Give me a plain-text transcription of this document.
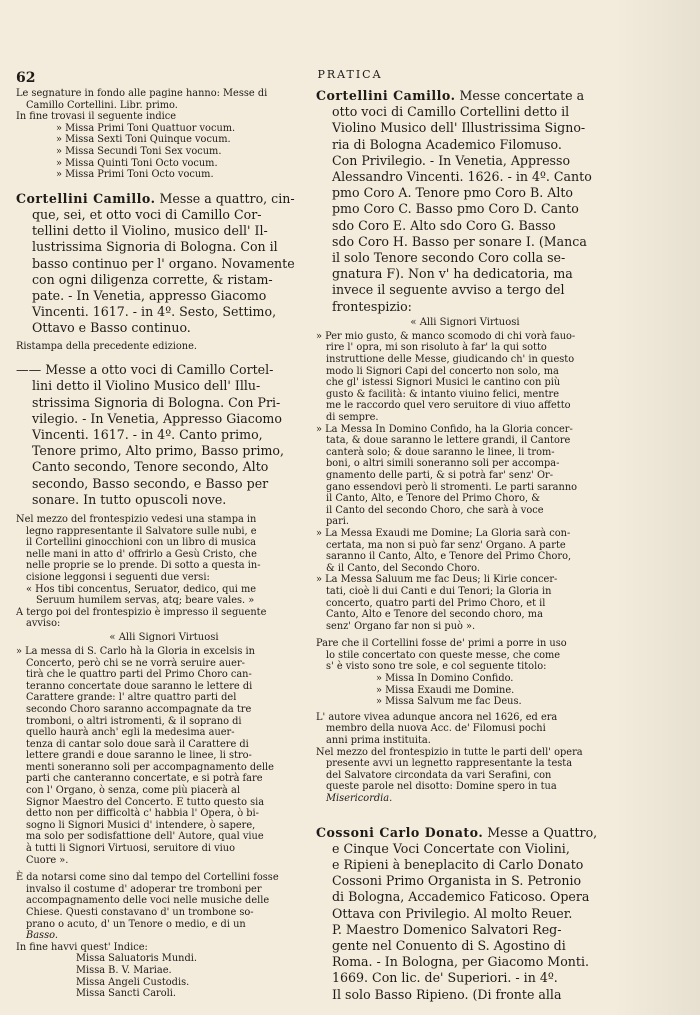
62	PRATICA

Le segnature in fondo alle pagine hanno: Messe di

Camillo Cortellini. Libr. primo.

In fine trovasi il seguente indice

» Missa Primi Toni Quattuor vocum.

» Missa Sexti Toni Quinque vocum.

» Missa Secundi Toni Sex vocum.

» Missa Quinti Toni Octo vocum.

» Missa Primi Toni Octo vocum.

Cortellini Camillo. Messe a quattro, cin-

que, sei, et otto voci di Camillo Cor-

tellini detto il Violino, musico dell' Il-

lustrissima Signoria di Bologna. Con il

basso continuo per l' organo. Novamente

con ogni diligenza corrette, & ristam-

pate. - In Venetia, appresso Giacomo

Vincenti. 1617. - in 4º. Sesto, Settimo,

Ottavo e Basso continuo.

Ristampa della precedente edizione.

—— Messe a otto voci di Camillo Cortel-

lini detto il Violino Musico dell' Illu-

strissima Signoria di Bologna. Con Pri-

vilegio. - In Venetia, Appresso Giacomo

Vincenti. 1617. - in 4º. Canto primo,

Tenore primo, Alto primo, Basso primo,

Canto secondo, Tenore secondo, Alto

secondo, Basso secondo, e Basso per

sonare. In tutto opuscoli nove.

Nel mezzo del frontespizio vedesi una stampa in

legno rappresentante il Salvatore sulle nubi, e

il Cortellini ginocchioni con un libro di musica

nelle mani in atto d' offrirlo a Gesù Cristo, che

nelle proprie se lo prende. Di sotto a questa in-

cisione leggonsi i seguenti due versi:

« Hos tibi concentus, Seruator, dedico, qui me

Seruum humilem servas, atq; beare vales. »

A tergo poi del frontespizio è impresso il seguente

avviso:

« Alli Signori Virtuosi

» La messa di S. Carlo hà la Gloria in excelsis in

Concerto, però chi se ne vorrà seruire auer-

tirà che le quattro parti del Primo Choro can-

teranno concertate doue saranno le lettere di

Carattere grande: l' altre quattro parti del

secondo Choro saranno accompagnate da tre

tromboni, o altri istromenti, & il soprano di

quello haurà anch' egli la medesima auer-

tenza di cantar solo doue sarà il Carattere di

lettere grandi e doue saranno le linee, li stro-

menti soneranno soli per accompagnamento delle

parti che canteranno concertate, e si potrà fare

con l' Organo, ò senza, come più piacerà al

Signor Maestro del Concerto. E tutto questo sia

detto non per difficoltà c' habbia l' Opera, ò bi-

sogno li Signori Musici d' intendere, ò sapere,

ma solo per sodisfattione dell' Autore, qual viue

à tutti li Signori Virtuosi, seruitore di viuo

Cuore ».

È da notarsi come sino dal tempo del Cortellini fosse

invalso il costume d' adoperar tre tromboni per

accompagnamento delle voci nelle musiche delle

Chiese. Questi constavano d' un trombone so-

prano o acuto, d' un Tenore o medio, e di un

Basso.

In fine havvi quest' Indice:

Missa Saluatoris Mundi.

Missa B. V. Mariae.

Missa Angeli Custodis.

Missa Sancti Caroli.

Cortellini Camillo. Messe concertate a

otto voci di Camillo Cortellini detto il

Violino Musico dell' Illustrissima Signo-

ria di Bologna Academico Filomuso.

Con Privilegio. - In Venetia, Appresso

Alessandro Vincenti. 1626. - in 4º. Canto

pmo Coro A. Tenore pmo Coro B. Alto

pmo Coro C. Basso pmo Coro D. Canto

sdo Coro E. Alto sdo Coro G. Basso

sdo Coro H. Basso per sonare I. (Manca

il solo Tenore secondo Coro colla se-

gnatura F). Non v' ha dedicatoria, ma

invece il seguente avviso a tergo del

frontespizio:

« Alli Signori Virtuosi

» Per mio gusto, & manco scomodo di chi vorà fauo-

rire l' opra, mi son risoluto à far' la qui sotto

instruttione delle Messe, giudicando ch' in questo

modo li Signori Capi del concerto non solo, ma

che gl' istessi Signori Musici le cantino con più

gusto & facilità: & intanto viuino felici, mentre

me le raccordo quel vero seruitore di viuo affetto

di sempre.

» La Messa In Domino Confido, ha la Gloria concer-

tata, & doue saranno le lettere grandi, il Cantore

canterà solo; & doue saranno le linee, li trom-

boni, o altri simili soneranno soli per accompa-

gnamento delle parti, & si potrà far' senz' Or-

gano essendovi però li stromenti. Le parti saranno

il Canto, Alto, e Tenore del Primo Choro, &

il Canto del secondo Choro, che sarà à voce

pari.

» La Messa Exaudi me Domine; La Gloria sarà con-

certata, ma non si può far senz' Organo. A parte

saranno il Canto, Alto, e Tenore del Primo Choro,

& il Canto, del Secondo Choro.

» La Messa Saluum me fac Deus; li Kirie concer-

tati, cioè li dui Canti e dui Tenori; la Gloria in

concerto, quatro parti del Primo Choro, et il

Canto, Alto e Tenore del secondo choro, ma

senz' Organo far non si può ».

Pare che il Cortellini fosse de' primi a porre in uso

lo stile concertato con queste messe, che come

s' è visto sono tre sole, e col seguente titolo:

» Missa In Domino Confido.

» Missa Exaudi me Domine.

» Missa Salvum me fac Deus.

L' autore vivea adunque ancora nel 1626, ed era

membro della nuova Acc. de' Filomusi pochi

anni prima instituita.

Nel mezzo del frontespizio in tutte le parti dell' opera

presente avvi un legnetto rappresentante la testa

del Salvatore circondata da vari Serafini, con

queste parole nel disotto: Domine spero in tua

Misericordia.

Cossoni Carlo Donato. Messe a Quattro,

e Cinque Voci Concertate con Violini,

e Ripieni à beneplacito di Carlo Donato

Cossoni Primo Organista in S. Petronio

di Bologna, Accademico Faticoso. Opera

Ottava con Privilegio. Al molto Reuer.

P. Maestro Domenico Salvatori Reg-

gente nel Conuento di S. Agostino di

Roma. - In Bologna, per Giacomo Monti.

1669. Con lic. de' Superiori. - in 4º.

Il solo Basso Ripieno. (Di fronte alla
